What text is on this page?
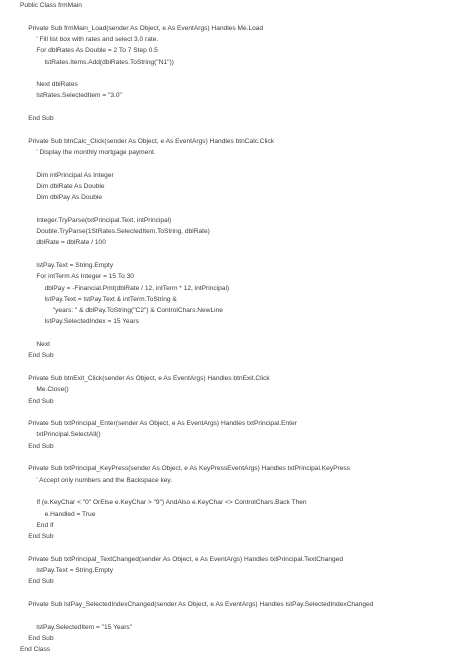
Public Class frmMain
Private Sub frmMain_Load(sender As Object, e As EventArgs) Handles Me.Load
' Fill list box with rates and select 3.0 rate.
For dblRates As Double = 2 To 7 Step 0.5
lstRates.Items.Add(dblRates.ToString("N1"))
Next dblRates
lstRates.SelectedItem = "3.0"
End Sub
Private Sub btnCalc_Click(sender As Object, e As EventArgs) Handles btnCalc.Click
' Display the monthly mortgage payment.
Dim intPrincipal As Integer
Dim dblRate As Double
Dim dblPay As Double
Integer.TryParse(txtPrincipal.Text, intPrincipal)
Double.TryParse(1StRates.SelectedItem.ToString, dblRate)
dblRate = dblRate / 100
lstPay.Text = String.Empty
For intTerm As Integer = 15 To 30
dblPay = -Financial.Pmt(dblRate / 12, intTerm * 12, intPrincipal)
lstPay.Text = lstPay.Text & intTerm.ToString &
"years: " & dblPay.ToString("C2") & ControlChars.NewLine
lstPay.SelectedIndex = 15 Years
Next
End Sub
Private Sub btnExit_Click(sender As Object, e As EventArgs) Handles btnExit.Click
Me.Close()
End Sub
Private Sub txtPrincipal_Enter(sender As Object, e As EventArgs) Handles txtPrincipal.Enter
txtPrincipal.SelectAll()
End Sub
Private Sub txtPrincipal_KeyPress(sender As Object, e As KeyPressEventArgs) Handles txtPrincipal.KeyPress
' Accept only numbers and the Backspace key.
If (e.KeyChar < "0" OrElse e.KeyChar > "9") AndAlso e.KeyChar <> ControlChars.Back Then
e.Handled = True
End If
End Sub
Private Sub txtPrincipal_TextChanged(sender As Object, e As EventArgs) Handles txtPrincipal.TextChanged
lstPay.Text = String.Empty
End Sub
Private Sub lstPay_SelectedIndexChanged(sender As Object, e As EventArgs) Handles lstPay.SelectedIndexChanged
lstPay.SelectedItem = "15 Years"
End Sub
End Class
